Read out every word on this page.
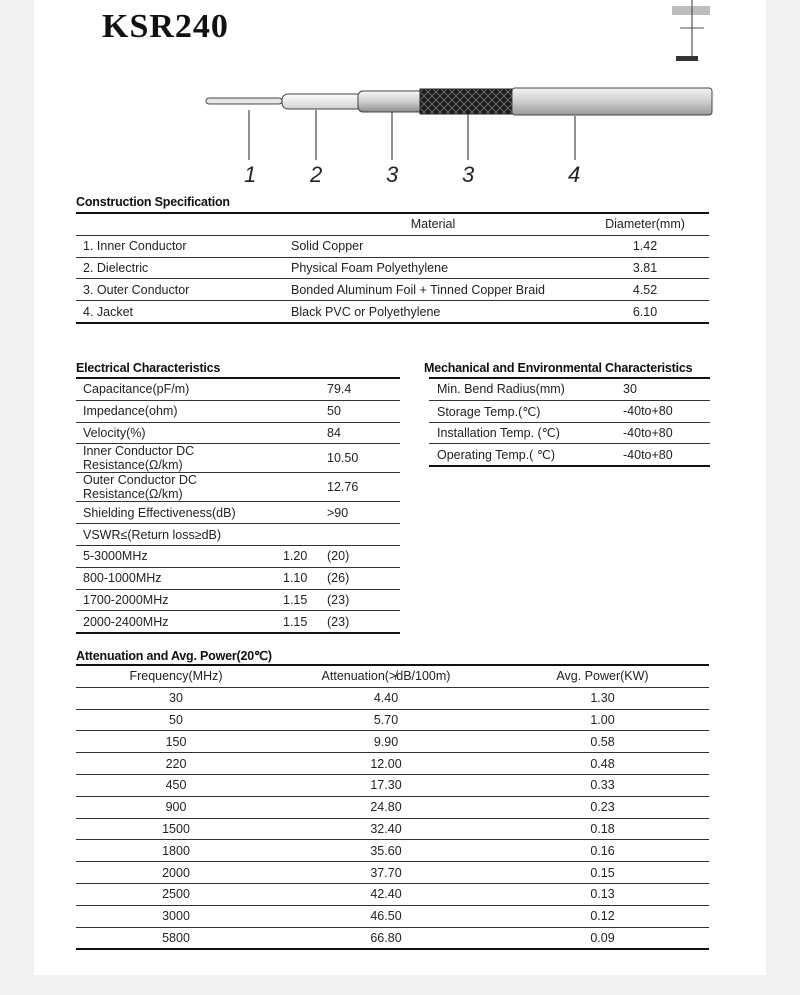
KSR240
1 2	3	3	4
Construction Specification
	Material	Diameter(mm)
1. Inner Conductor	Solid Copper	1.42
2. Dielectric	Physical Foam Polyethylene	3.81
3. Outer Conductor	Bonded Aluminum Foil + Tinned Copper Braid	4.52
4. Jacket	Black PVC or Polyethylene	6.10
Electrical Characteristics
Capacitance(pF/m)		79.4
Impedance(ohm)		50
Velocity(%)		84
Inner Conductor DC Resistance(Ω/km)		10.50
Outer Conductor DC Resistance(Ω/km)		12.76
Shielding Effectiveness(dB)		>90
VSWR≤(Return loss≥dB)		
5-3000MHz	1.20	(20)
800-1000MHz	1.10	(26)
1700-2000MHz	1.15	(23)
2000-2400MHz	1.15	(23)
Mechanical and Environmental Characteristics
Min. Bend Radius(mm)	30
Storage Temp.(℃)	-40to+80
Installation Temp. (℃)	-40to+80
Operating Temp.( ℃)	-40to+80
Attenuation and Avg. Power(20℃)
Frequency(MHz)	Attenuation(≯dB/100m)	Avg. Power(KW)
30	4.40	1.30
50	5.70	1.00
150	9.90	0.58
220	12.00	0.48
450	17.30	0.33
900	24.80	0.23
1500	32.40	0.18
1800	35.60	0.16
2000	37.70	0.15
2500	42.40	0.13
3000	46.50	0.12
5800	66.80	0.09
